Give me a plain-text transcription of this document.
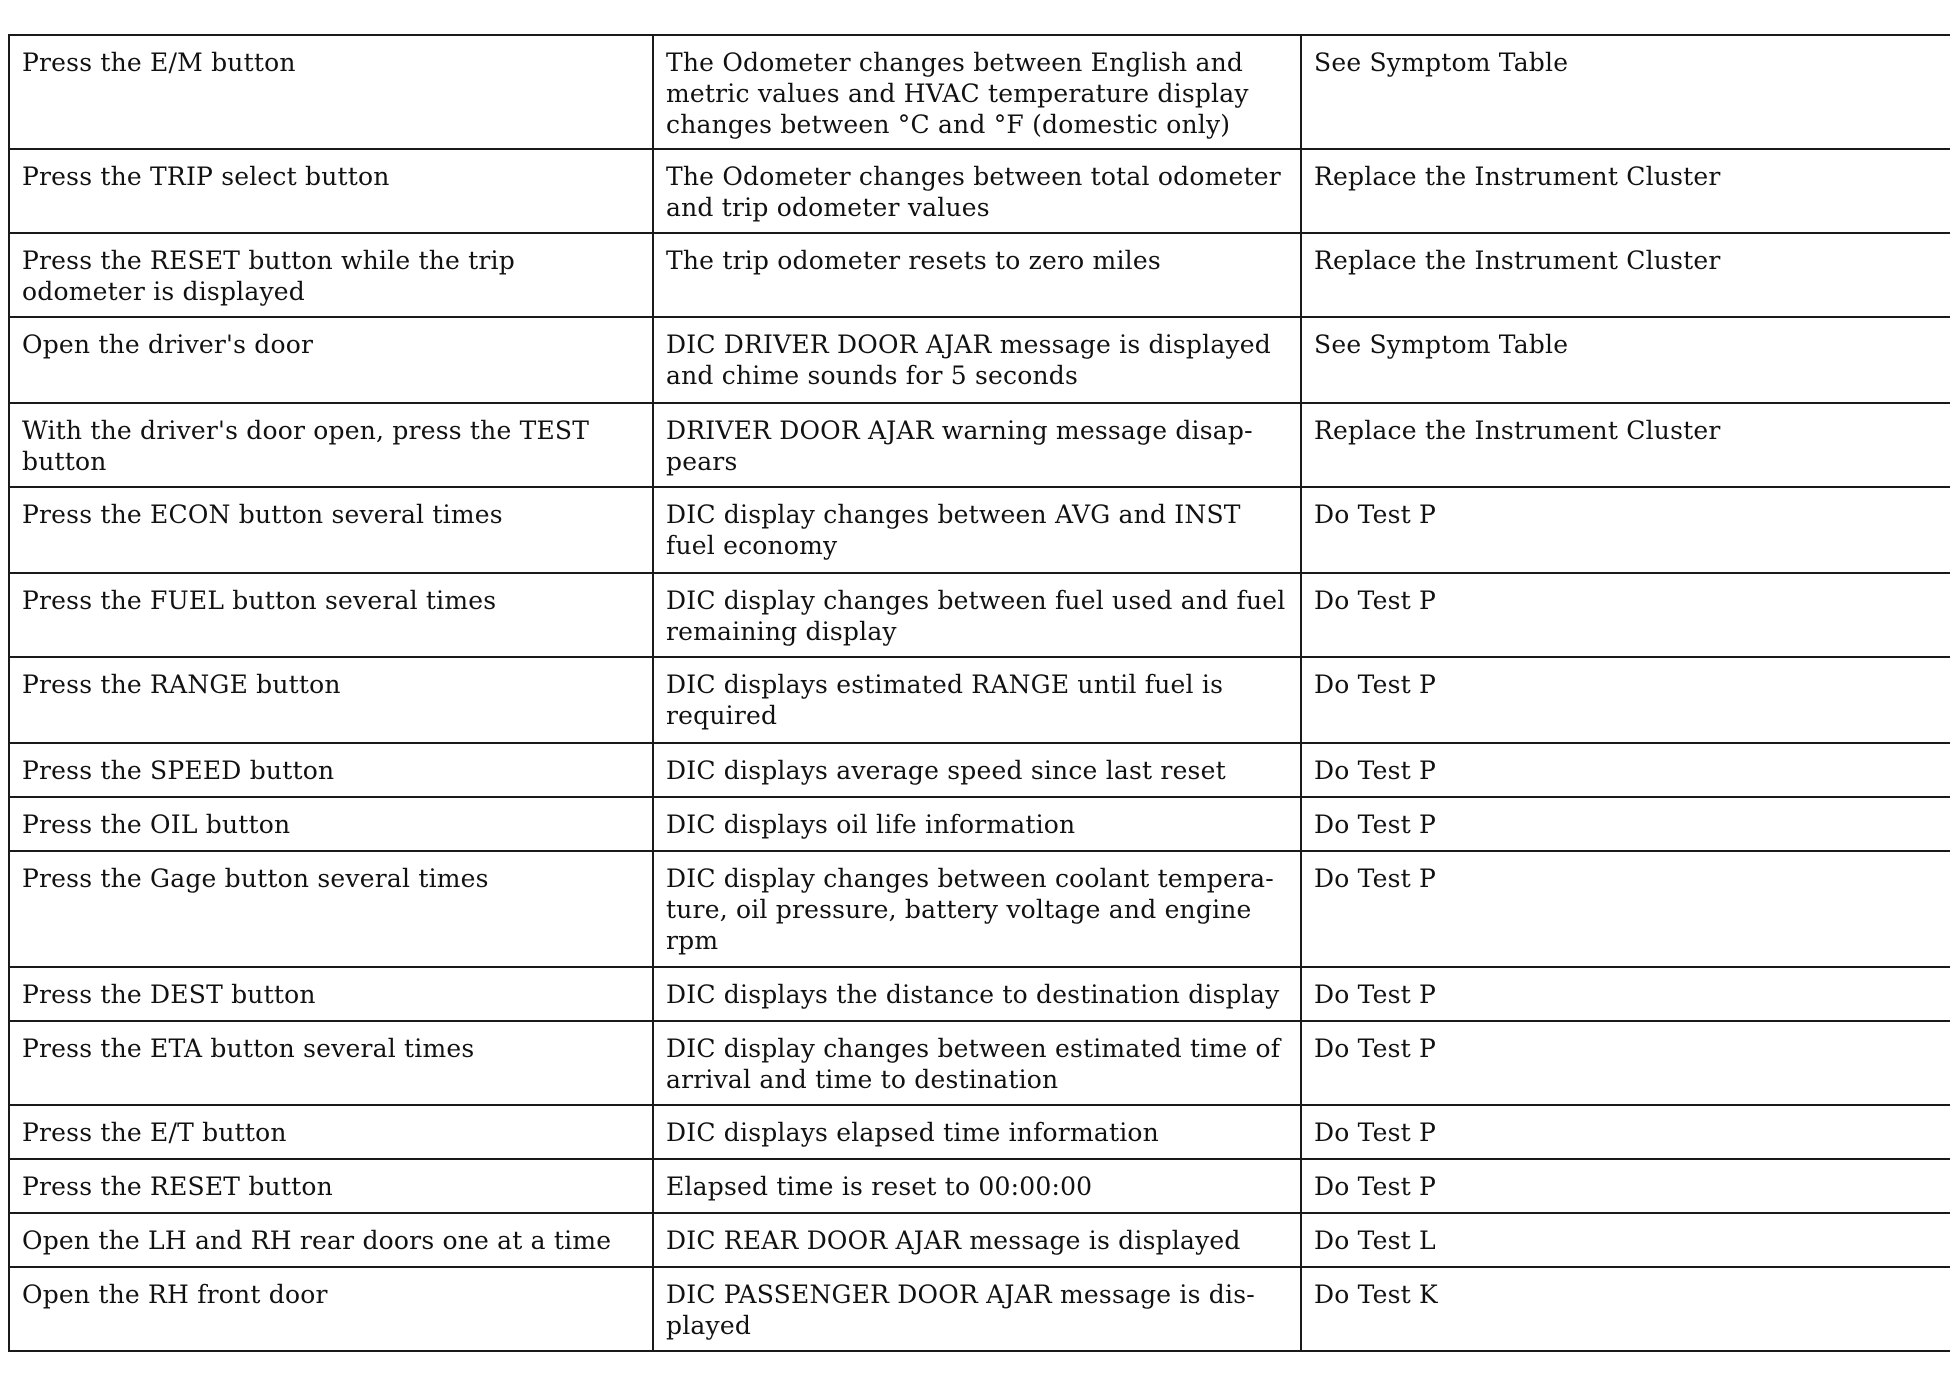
Press the E/M button	The Odometer changes between English and
metric values and HVAC temperature display
changes between °C and °F (domestic only)	See Symptom Table
Press the TRIP select button	The Odometer changes between total odometer
and trip odometer values	Replace the Instrument Cluster
Press the RESET button while the trip
odometer is displayed	The trip odometer resets to zero miles	Replace the Instrument Cluster
Open the driver's door	DIC DRIVER DOOR AJAR message is displayed
and chime sounds for 5 seconds	See Symptom Table
With the driver's door open, press the TEST
button	DRIVER DOOR AJAR warning message disap-
pears	Replace the Instrument Cluster
Press the ECON button several times	DIC display changes between AVG and INST
fuel economy	Do Test P
Press the FUEL button several times	DIC display changes between fuel used and fuel
remaining display	Do Test P
Press the RANGE button	DIC displays estimated RANGE until fuel is
required	Do Test P
Press the SPEED button	DIC displays average speed since last reset	Do Test P
Press the OIL button	DIC displays oil life information	Do Test P
Press the Gage button several times	DIC display changes between coolant tempera-
ture, oil pressure, battery voltage and engine rpm	Do Test P
Press the DEST button	DIC displays the distance to destination display	Do Test P
Press the ETA button several times	DIC display changes between estimated time of
arrival and time to destination	Do Test P
Press the E/T button	DIC displays elapsed time information	Do Test P
Press the RESET button	Elapsed time is reset to 00:00:00	Do Test P
Open the LH and RH rear doors one at a time	DIC REAR DOOR AJAR message is displayed	Do Test L
Open the RH front door	DIC PASSENGER DOOR AJAR message is dis-
played	Do Test K
